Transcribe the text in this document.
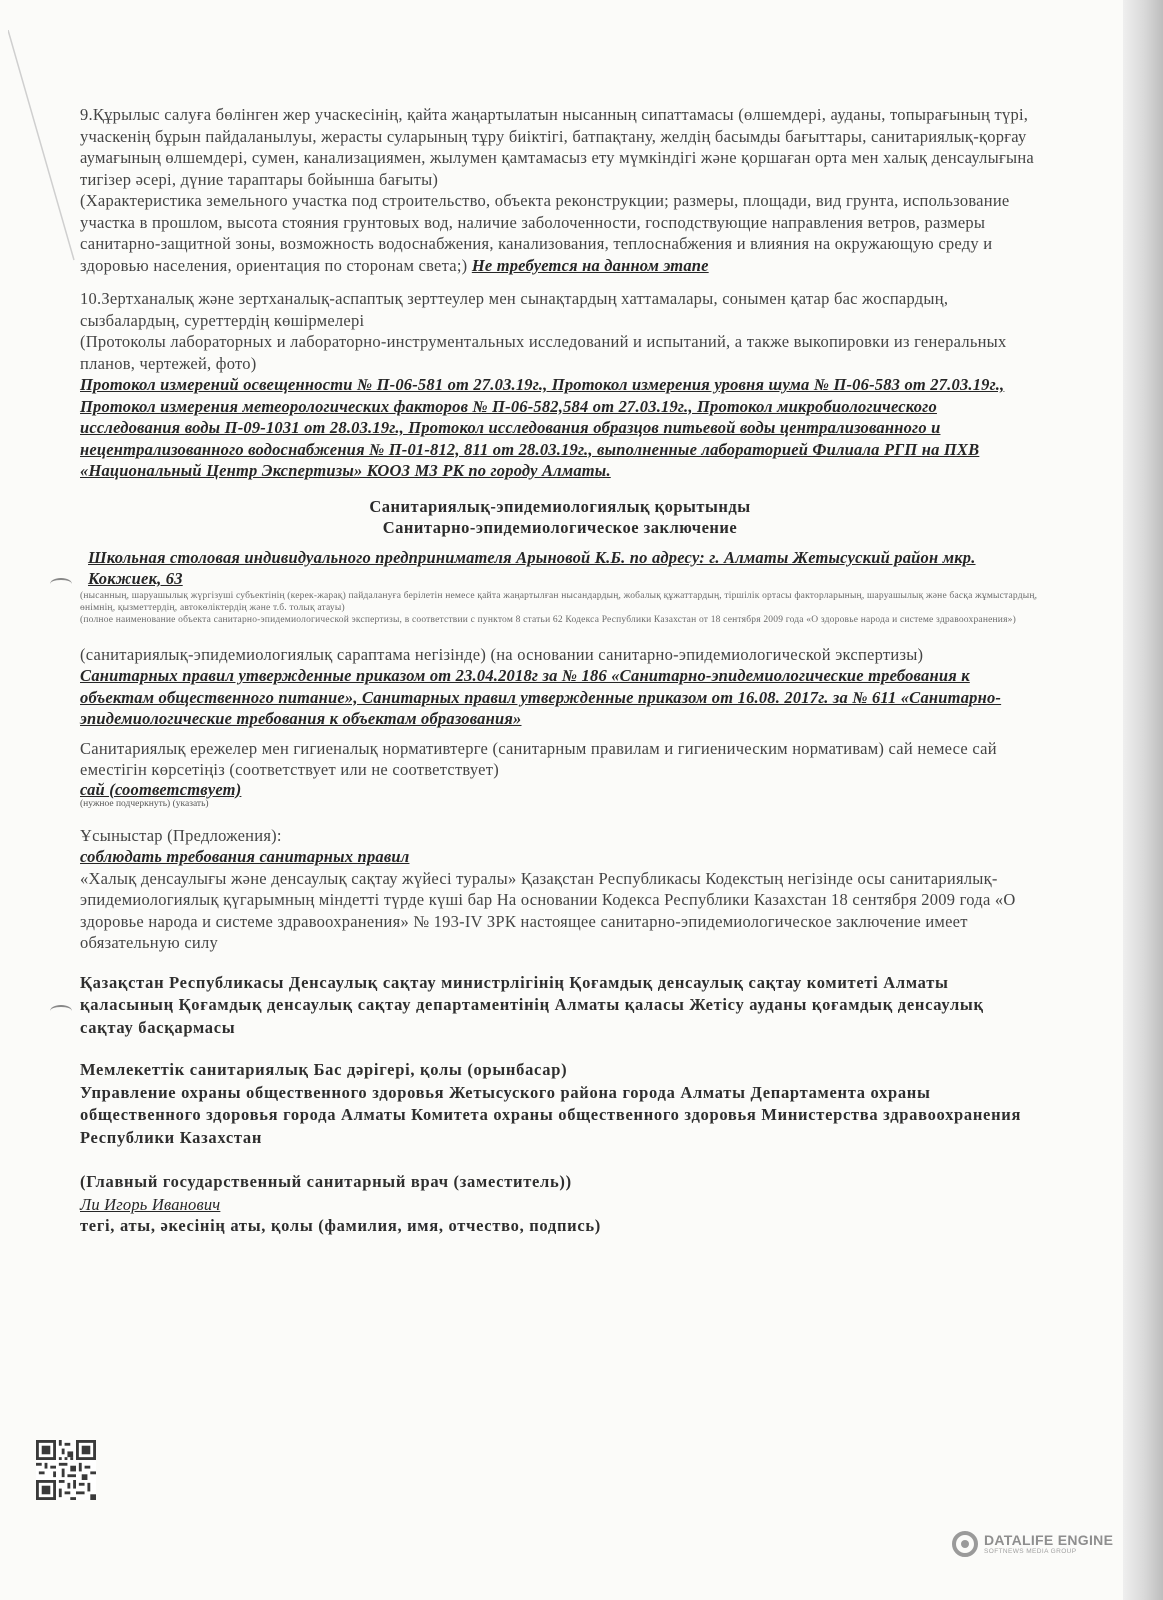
9.Құрылыс салуға бөлінген жер учаскесінің, қайта жаңартылатын нысанның сипаттамасы (өлшемдері, ауданы, топырағының түрі, учаскенің бұрын пайдаланылуы, жерасты суларының тұру биіктігі, батпақтану, желдің басымды бағыттары, санитариялық-қорғау аумағының өлшемдері, сумен, канализациямен, жылумен қамтамасыз ету мүмкіндігі және қоршаған орта мен халық денсаулығына тигізер әсері, дүние тараптары бойынша бағыты)

(Характеристика земельного участка под строительство, объекта реконструкции; размеры, площади, вид грунта, использование участка в прошлом, высота стояния грунтовых вод, наличие заболоченности, господствующие направления ветров, размеры санитарно-защитной зоны, возможность водоснабжения, канализования, теплоснабжения и влияния на окружающую среду и здоровью населения, ориентация по сторонам света;) Не требуется на данном этапе

10.Зертханалық және зертханалық-аспаптық зерттеулер мен сынақтардың хаттамалары, сонымен қатар бас жоспардың, сызбалардың, суреттердің көшірмелері

(Протоколы лабораторных и лабораторно-инструментальных исследований и испытаний, а также выкопировки из генеральных планов, чертежей, фото)

Протокол измерений освещенности № П-06-581 от 27.03.19г., Протокол измерения уровня шума № П-06-583 от 27.03.19г., Протокол измерения метеорологических факторов № П-06-582,584 от 27.03.19г., Протокол микробиологического исследования воды П-09-1031 от 28.03.19г., Протокол исследования образцов питьевой воды централизованного и нецентрализованного водоснабжения № П-01-812, 811 от 28.03.19г., выполненные лабораторией Филиала РГП на ПХВ «Национальный Центр Экспертизы» КООЗ МЗ РК по городу Алматы.

Санитариялық-эпидемиологиялық қорытынды

Санитарно-эпидемиологическое заключение

Школьная столовая индивидуального предпринимателя Арыновой К.Б. по адресу: г. Алматы Жетысуский район мкр. Кокжиек, 63

(нысанның, шаруашылық жүргізуші субъектінің (керек-жарақ) пайдалануға берілетін немесе қайта жаңартылған нысандардың, жобалық құжаттардың, тіршілік ортасы факторларының, шаруашылық және басқа жұмыстардың, өнімнің, қызметтердің, автокөліктердің және т.б. толық атауы)

(полное наименование объекта санитарно-эпидемиологической экспертизы, в соответствии с пунктом 8 статьи 62 Кодекса Республики Казахстан от 18 сентября 2009 года «О здоровье народа и системе здравоохранения»)

(санитариялық-эпидемиологиялық сараптама негізінде) (на основании санитарно-эпидемиологической экспертизы)

Санитарных правил утвержденные приказом от 23.04.2018г за № 186 «Санитарно-эпидемиологические требования к объектам общественного питание», Санитарных правил утвержденные приказом от 16.08. 2017г. за № 611 «Санитарно-эпидемиологические требования к объектам образования»

Санитариялық ережелер мен гигиеналық нормативтерге (санитарным правилам и гигиеническим нормативам) сай немесе сай еместігін көрсетіңіз (соответствует или не соответствует)

сай (соответствует)

(нужное подчеркнуть) (указать)

Ұсыныстар (Предложения):

соблюдать требования санитарных правил

«Халық денсаулығы және денсаулық сақтау жүйесі туралы» Қазақстан Республикасы Кодекстың негізінде осы санитариялық-эпидемиологиялық қүгарымның міндетті түрде күші бар На основании Кодекса Республики Казахстан 18 сентября 2009 года «О здоровье народа и системе здравоохранения» № 193-IV ЗРК настоящее санитарно-эпидемиологическое заключение имеет обязательную силу

Қазақстан Республикасы Денсаулық сақтау министрлігінің Қоғамдық денсаулық сақтау комитеті Алматы қаласының Қоғамдық денсаулық сақтау департаментінің Алматы қаласы Жетісу ауданы қоғамдық денсаулық сақтау басқармасы

Мемлекеттік санитариялық Бас дәрігері, қолы (орынбасар)

Управление охраны общественного здоровья Жетысуского района города Алматы Департамента охраны общественного здоровья города Алматы Комитета охраны общественного здоровья Министерства здравоохранения Республики Казахстан

(Главный государственный санитарный врач (заместитель))

Ли Игорь Иванович

тегі, аты, әкесінің аты, қолы (фамилия, имя, отчество, подпись)

DATALIFE ENGINE
SOFTNEWS MEDIA GROUP
